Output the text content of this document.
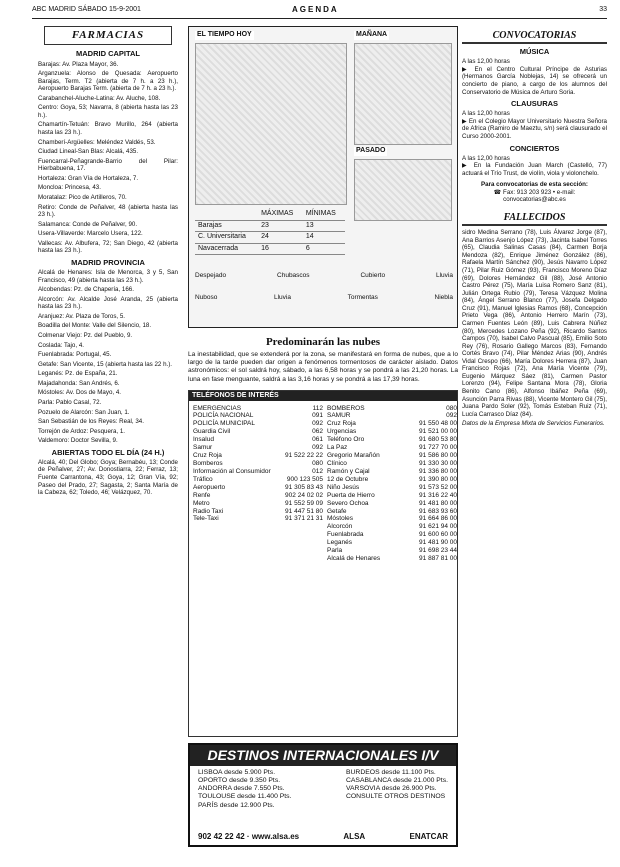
ABC MADRID SÁBADO 15-9-2001	AGENDA	33
FARMACIAS
MADRID CAPITAL
Barajas: Av. Plaza Mayor, 36.
Arganzuela: Alonso de Quesada: Aeropuerto Barajas, Term. T2 (abierta de 7 h. a 23 h.), Aeropuerto Barajas Term. (abierta de 7 h. a 23 h.).
Carabanchel-Aluche-Latina: Av. Aluche, 108.
Centro: Goya, 53; Navarra, 8 (abierta hasta las 23 h.).
Chamartín-Tetuán: Bravo Murillo, 264 (abierta hasta las 23 h.).
Chamberí-Argüelles: Meléndez Valdés, 53.
Ciudad Lineal-San Blas: Alcalá, 435.
Fuencarral-Peñagrande-Barrio del Pilar: Hierbabuena, 17.
Hortaleza: Gran Vía de Hortaleza, 7.
Moncloa: Princesa, 43.
Moratalaz: Pico de Artilleros, 70.
Retiro: Conde de Peñalver, 48 (abierta hasta las 23 h.).
Salamanca: Conde de Peñalver, 90.
Usera-Villaverde: Marcelo Usera, 122.
Vallecas: Av. Albufera, 72; San Diego, 42 (abierta hasta las 23 h.).
MADRID PROVINCIA
Alcalá de Henares: Isla de Menorca, 3 y 5, San Francisco, 49 (abierta hasta las 23 h.).
Alcobendas: Pz. de Chapería, 166.
Alcorcón: Av. Alcalde José Aranda, 25 (abierta hasta las 23 h.).
Aranjuez: Av. Plaza de Toros, 5.
Boadilla del Monte: Valle del Silencio, 18.
Colmenar Viejo: Pz. del Pueblo, 9.
Coslada: Tajo, 4.
Fuenlabrada: Portugal, 45.
Getafe: San Vicente, 15 (abierta hasta las 22 h.).
Leganés: Pz. de España, 21.
Majadahonda: San Andrés, 6.
Móstoles: Av. Dos de Mayo, 4.
Parla: Pablo Casal, 72.
Pozuelo de Alarcón: San Juan, 1.
San Sebastián de los Reyes: Real, 34.
Torrejón de Ardoz: Pesquera, 1.
Valdemoro: Doctor Sevilla, 9.
ABIERTAS TODO EL DÍA (24 H.)
Alcalá, 40; Del Globo; Goya; Bernabéu, 13; Conde de Peñalver, 27; Av. Donostiarra, 22; Ferraz, 13; Fuente Carrantona, 43; Goya, 12; Gran Vía, 92; Paseo del Prado, 27; Sagasta, 2; Santa María de la Cabeza, 62; Toledo, 46; Velázquez, 70.
EL TIEMPO HOY	MAÑANA
PASADO
	MÁXIMAS	MÍNIMAS
Barajas	23	13
C. Universitaria	24	14
Navacerrada	16	6
Despejado	Chubascos	Cubierto	Lluvia
Nuboso	Lluvia	Tormentas	Niebla
Predominarán las nubes
La inestabilidad, que se extenderá por la zona, se manifestará en forma de nubes, que a lo largo de la tarde pueden dar origen a fenómenos tormentosos de carácter aislado. Datos astronómicos: el sol saldrá hoy, sábado, a las 6,58 horas y se pondrá a las 21,20 horas. La luna en fase menguante, saldrá a las 3,16 horas y se pondrá a las 17,39 horas.
TELÉFONOS DE INTERÉS
EMERGENCIAS	112
POLICÍA NACIONAL	091
POLICÍA MUNICIPAL	092
Guardia Civil	062
Insalud	061
Samur	092
Cruz Roja	91 522 22 22
Bomberos	080
Información al Consumidor	012
Tráfico	900 123 505
Aeropuerto	91 305 83 43
Renfe	902 24 02 02
Metro	91 552 59 09
Radio Taxi	91 447 51 80
Tele-Taxi	91 371 21 31
BOMBEROS	080
SAMUR	092
Cruz Roja	91 550 48 00
Urgencias	91 521 00 00
Teléfono Oro	91 680 53 80
La Paz	91 727 70 00
Gregorio Marañón	91 586 80 00
Clínico	91 330 30 00
Ramón y Cajal	91 336 80 00
12 de Octubre	91 390 80 00
Niño Jesús	91 573 52 00
Puerta de Hierro	91 316 22 40
Severo Ochoa	91 481 80 00
Getafe	91 683 93 60
Móstoles	91 664 86 00
Alcorcón	91 621 94 00
Fuenlabrada	91 600 60 00
Leganés	91 481 90 00
Parla	91 698 23 44
Alcalá de Henares	91 887 81 00
DESTINOS INTERNACIONALES I/V
LISBOA desde 5.900 Pts.
OPORTO desde 9.350 Pts.
ANDORRA desde 7.550 Pts.
TOULOUSE desde 11.400 Pts.
PARÍS desde 12.900 Pts.
BURDEOS desde 11.100 Pts.
CASABLANCA desde 21.000 Pts.
VARSOVIA desde 26.900 Pts.
CONSULTE OTROS DESTINOS
902 42 22 42 · www.alsa.es	ALSA	ENATCAR
CONVOCATORIAS
MÚSICA
A las 12,00 horas
▶ En el Centro Cultural Príncipe de Asturias (Hermanos García Noblejas, 14) se ofrecerá un concierto de piano, a cargo de los alumnos del Conservatorio de Música de Arturo Soria.
CLAUSURAS
A las 12,00 horas
▶ En el Colegio Mayor Universitario Nuestra Señora de Africa (Ramiro de Maeztu, s/n) será clausurado el Curso 2000-2001.
CONCIERTOS
A las 12,00 horas
▶ En la Fundación Juan March (Castelló, 77) actuará el Trío Trust, de violín, viola y violonchelo.
Para convocatorias de esta sección:
☎ Fax: 913 203 923 • e-mail:
convocatorias@abc.es
FALLECIDOS
sidro Medina Serrano (78), Luis Álvarez Jorge (87), Ana Barrios Asenjo López (73), Jacinta Isabel Torres (65), Claudia Salinas Casas (84), Carmen Borja Mendoza (82), Enrique Jiménez González (86), Rafaela Martín Sánchez (90), Jesús Navarro López (71), Pilar Ruiz Gómez (93), Francisco Moreno Díaz (69), Dolores Hernández Gil (88), José Antonio Castro Pérez (75), María Luisa Romero Sanz (81), Julián Ortega Rubio (79), Teresa Vázquez Molina (84), Ángel Serrano Blanco (77), Josefa Delgado Cruz (91), Manuel Iglesias Ramos (68), Concepción Prieto Vega (86), Antonio Herrero Marín (73), Carmen Fuentes León (89), Luis Cabrera Núñez (80), Mercedes Lozano Peña (92), Ricardo Santos Campos (70), Isabel Calvo Pascual (85), Emilio Soto Rey (76), Rosario Gallego Marcos (83), Fernando Cortés Bravo (74), Pilar Méndez Arias (90), Andrés Vidal Crespo (66), María Dolores Herrera (87), Juan Francisco Rojas (72), Ana María Vicente (79), Eugenio Márquez Sáez (81), Carmen Pastor Lorenzo (94), Felipe Santana Mora (78), Gloria Benito Cano (86), Alfonso Ibáñez Peña (69), Asunción Parra Rivas (88), Vicente Montero Gil (75), Juana Pardo Soler (92), Tomás Esteban Ruiz (71), Lucía Carrasco Díaz (84).
Datos de la Empresa Mixta de Servicios Funerarios.
